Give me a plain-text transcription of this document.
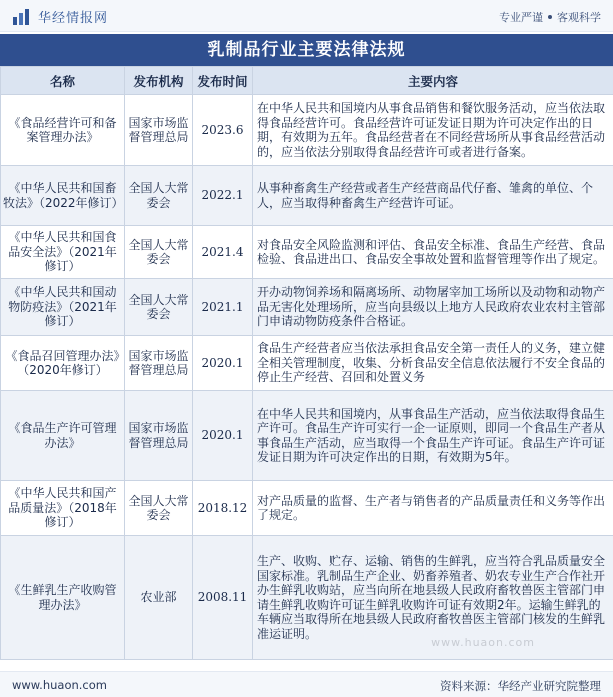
华经情报网	专业严谨 客观科学
乳制品行业主要法律法规
名称	发布机构	发布时间	主要内容
《食品经营许可和备案管理办法》	国家市场监督管理总局	2023.6	在中华人民共和国境内从事食品销售和餐饮服务活动，应当依法取得食品经营许可。食品经营许可证发证日期为许可决定作出的日期，有效期为五年。食品经营者在不同经营场所从事食品经营活动的，应当依法分别取得食品经营许可或者进行备案。
《中华人民共和国畜牧法》（2022年修订）	全国人大常委会	2022.1	从事种畜禽生产经营或者生产经营商品代仔畜、雏禽的单位、个人，应当取得种畜禽生产经营许可证。
《中华人民共和国食品安全法》（2021年修订）	全国人大常委会	2021.4	对食品安全风险监测和评估、食品安全标准、食品生产经营、食品检验、食品进出口、食品安全事故处置和监督管理等作出了规定。
《中华人民共和国动物防疫法》（2021年修订）	全国人大常委会	2021.1	开办动物饲养场和隔离场所、动物屠宰加工场所以及动物和动物产品无害化处理场所，应当向县级以上地方人民政府农业农村主管部门申请动物防疫条件合格证。
《食品召回管理办法》（2020年修订）	国家市场监督管理总局	2020.1	食品生产经营者应当依法承担食品安全第一责任人的义务，建立健全相关管理制度，收集、分析食品安全信息依法履行不安全食品的停止生产经营、召回和处置义务
《食品生产许可管理办法》	国家市场监督管理总局	2020.1	在中华人民共和国境内，从事食品生产活动，应当依法取得食品生产许可。食品生产许可实行一企一证原则，即同一个食品生产者从事食品生产活动，应当取得一个食品生产许可证。食品生产许可证发证日期为许可决定作出的日期，有效期为5年。
《中华人民共和国产品质量法》（2018年修订）	全国人大常委会	2018.12	对产品质量的监督、生产者与销售者的产品质量责任和义务等作出了规定。
《生鲜乳生产收购管理办法》	农业部	2008.11	生产、收购、贮存、运输、销售的生鲜乳，应当符合乳品质量安全国家标准。乳制品生产企业、奶畜养殖者、奶农专业生产合作社开办生鲜乳收购站，应当向所在地县级人民政府畜牧兽医主管部门申请生鲜乳收购许可证生鲜乳收购许可证有效期2年。运输生鲜乳的车辆应当取得所在地县级人民政府畜牧兽医主管部门核发的生鲜乳准运证明。
www.huaon.com
www.huaon.com	资料来源：华经产业研究院整理
